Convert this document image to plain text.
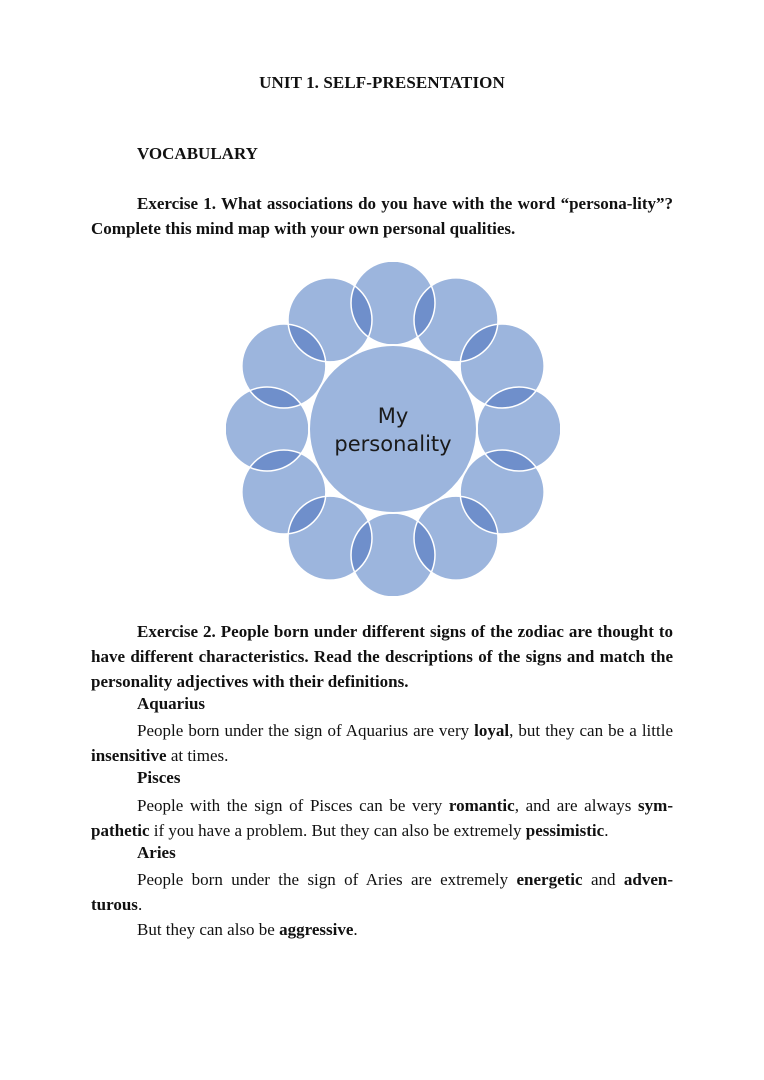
UNIT 1. SELF-PRESENTATION
VOCABULARY
Exercise 1. What associations do you have with the word “persona-lity”? Complete this mind map with your own personal qualities.
My
personality
Exercise 2. People born under different signs of the zodiac are thought to have different characteristics. Read the descriptions of the signs and match the personality adjectives with their definitions.
Aquarius
People born under the sign of Aquarius are very loyal, but they can be a little insensitive at times.
Pisces
People with the sign of Pisces can be very romantic, and are always sym-pathetic if you have a problem. But they can also be extremely pessimistic.
Aries
People born under the sign of Aries are extremely energetic and adven-turous.
But they can also be aggressive.
